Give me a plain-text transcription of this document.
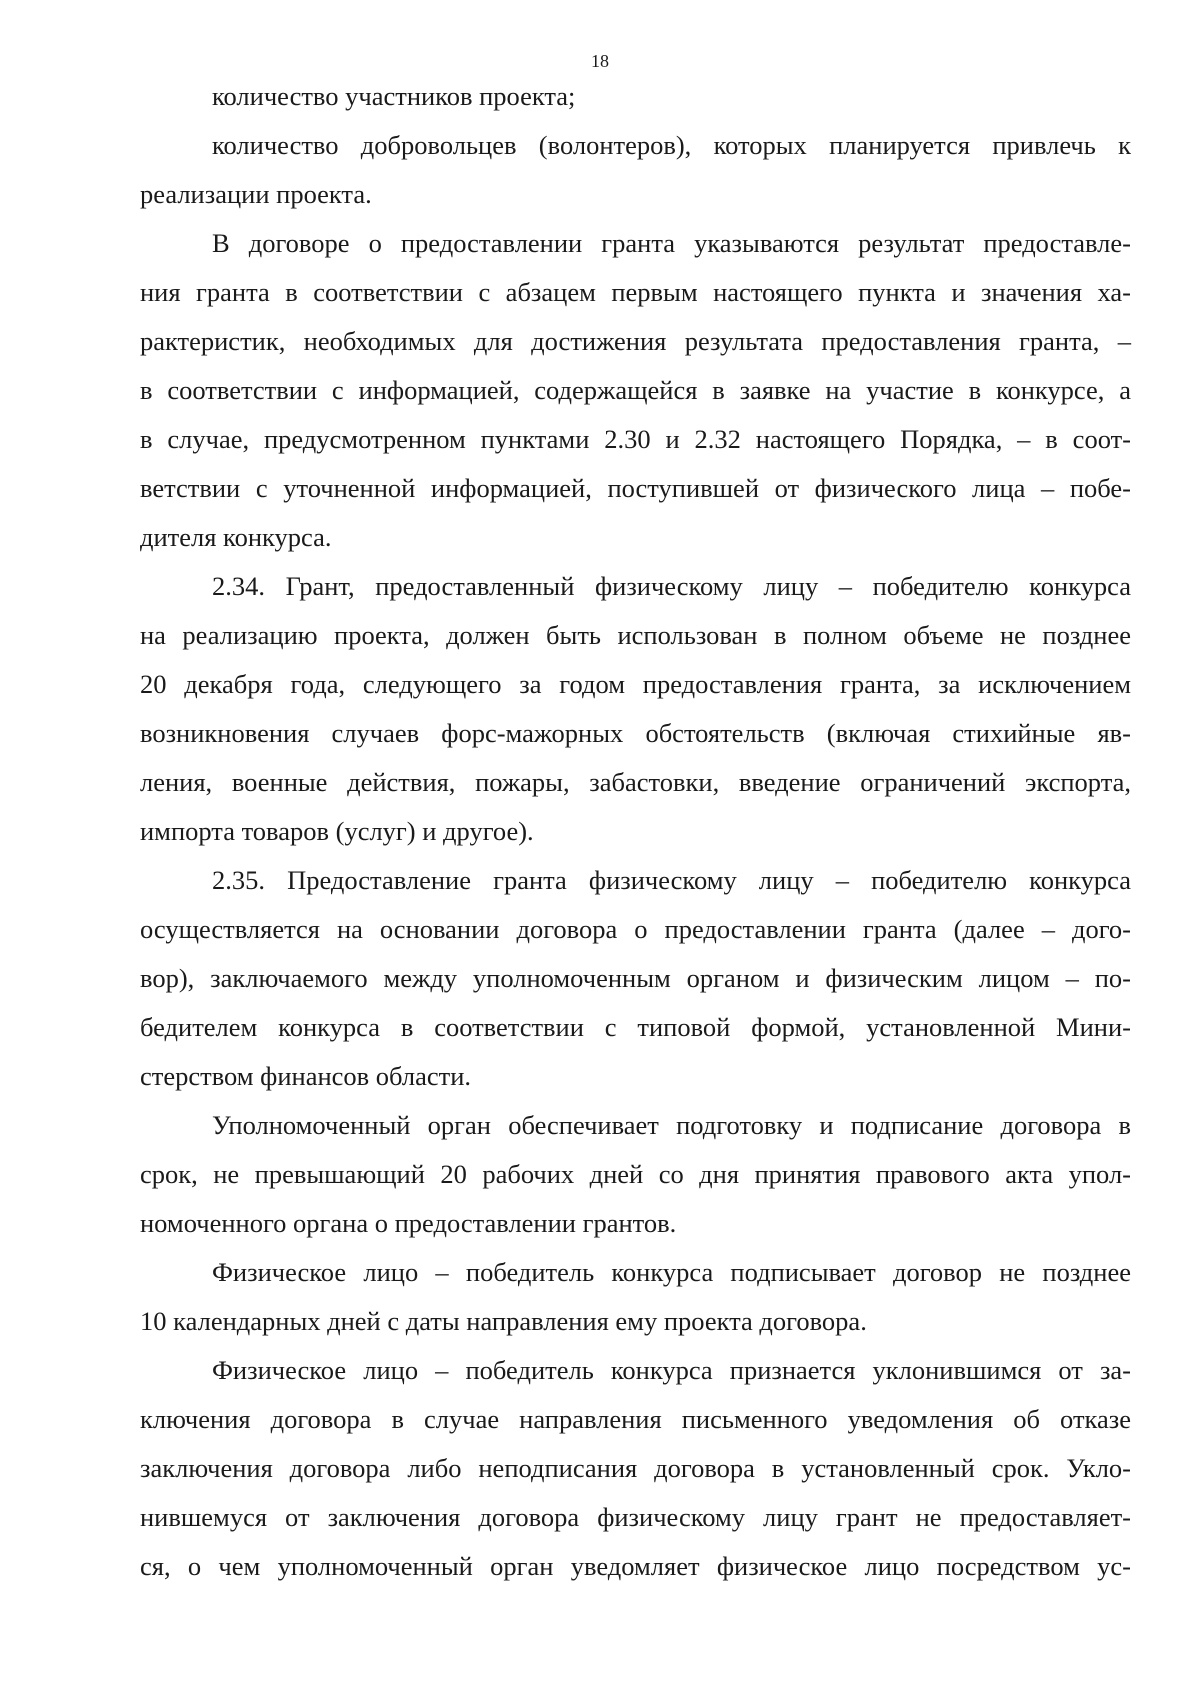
18
количество участников проекта;
количество добровольцев (волонтеров), которых планируется привлечь к
реализации проекта.
В договоре о предоставлении гранта указываются результат предоставле-
ния гранта в соответствии с абзацем первым настоящего пункта и значения ха-
рактеристик, необходимых для достижения результата предоставления гранта, –
в соответствии с информацией, содержащейся в заявке на участие в конкурсе, а
в случае, предусмотренном пунктами 2.30 и 2.32 настоящего Порядка, – в соот-
ветствии с уточненной информацией, поступившей от физического лица – побе-
дителя конкурса.
2.34. Грант, предоставленный физическому лицу – победителю конкурса
на реализацию проекта, должен быть использован в полном объеме не позднее
20 декабря года, следующего за годом предоставления гранта, за исключением
возникновения случаев форс-мажорных обстоятельств (включая стихийные яв-
ления, военные действия, пожары, забастовки, введение ограничений экспорта,
импорта товаров (услуг) и другое).
2.35. Предоставление гранта физическому лицу – победителю конкурса
осуществляется на основании договора о предоставлении гранта (далее – дого-
вор), заключаемого между уполномоченным органом и физическим лицом – по-
бедителем конкурса в соответствии с типовой формой, установленной Мини-
стерством финансов области.
Уполномоченный орган обеспечивает подготовку и подписание договора в
срок, не превышающий 20 рабочих дней со дня принятия правового акта упол-
номоченного органа о предоставлении грантов.
Физическое лицо – победитель конкурса подписывает договор не позднее
10 календарных дней с даты направления ему проекта договора.
Физическое лицо – победитель конкурса признается уклонившимся от за-
ключения договора в случае направления письменного уведомления об отказе
заключения договора либо неподписания договора в установленный срок. Укло-
нившемуся от заключения договора физическому лицу грант не предоставляет-
ся, о чем уполномоченный орган уведомляет физическое лицо посредством ус-
